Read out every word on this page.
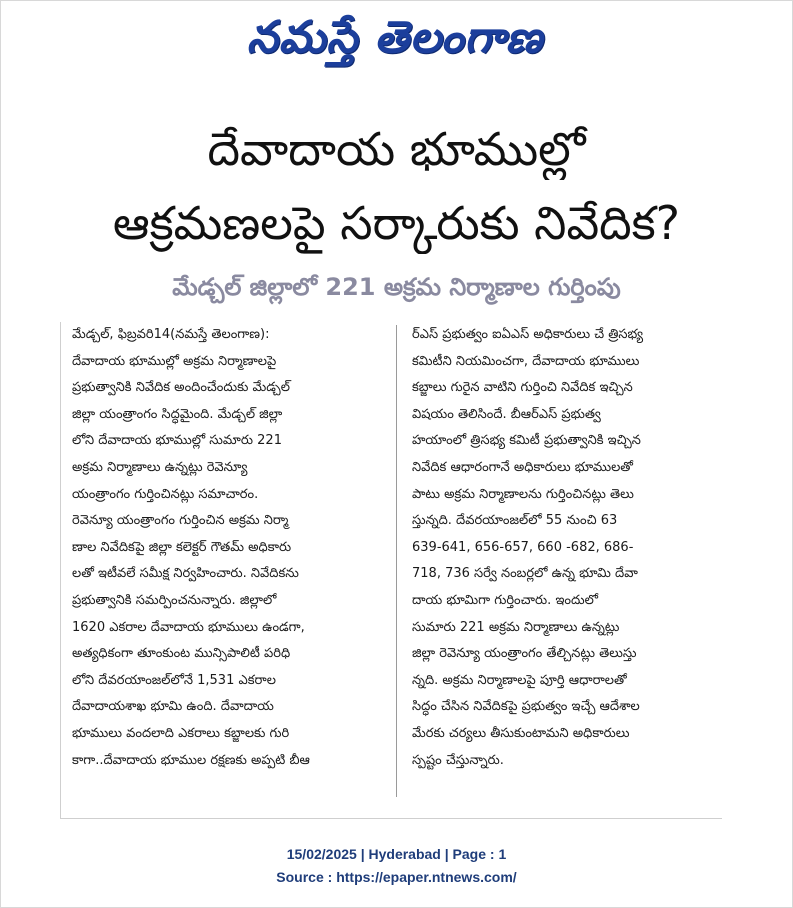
నమస్తే తెలంగాణ
దేవాదాయ భూముల్లో
ఆక్రమణలపై సర్కారుకు నివేదిక?
మేడ్చల్ జిల్లాలో 221 అక్రమ నిర్మాణాల గుర్తింపు
మేడ్చల్, ఫిబ్రవరి14(నమస్తే తెలంగాణ):
దేవాదాయ భూముల్లో అక్రమ నిర్మాణాలపై
ప్రభుత్వానికి నివేదిక అందించేందుకు మేడ్చల్
జిల్లా యంత్రాంగం సిద్ధమైంది. మేడ్చల్ జిల్లా
లోని దేవాదాయ భూముల్లో సుమారు 221
అక్రమ నిర్మాణాలు ఉన్నట్లు రెవెన్యూ
యంత్రాంగం గుర్తించినట్లు సమాచారం.
రెవెన్యూ యంత్రాంగం గుర్తించిన అక్రమ నిర్మా
ణాల నివేదికపై జిల్లా కలెక్టర్ గౌతమ్ అధికారు
లతో ఇటీవలే సమీక్ష నిర్వహించారు. నివేదికను
ప్రభుత్వానికి సమర్పించనున్నారు. జిల్లాలో
1620 ఎకరాల దేవాదాయ భూములు ఉండగా,
అత్యధికంగా తూంకుంట మున్సిపాలిటీ పరిధి
లోని దేవరయాంజల్‌లోనే 1,531 ఎకరాల
దేవాదాయశాఖ భూమి ఉంది. దేవాదాయ
భూములు వందలాది ఎకరాలు కబ్జాలకు గురి
కాగా..దేవాదాయ భూముల రక్షణకు అప్పటి బీఆ
ర్ఎస్ ప్రభుత్వం ఐఏఎస్ అధికారులు చే త్రిసభ్య
కమిటీని నియమించగా, దేవాదాయ భూములు
కబ్జాలు గురైన వాటిని గుర్తించి నివేదిక ఇచ్చిన
విషయం తెలిసిందే. బీఆర్ఎస్ ప్రభుత్వ
హయాంలో త్రిసభ్య కమిటీ ప్రభుత్వానికి ఇచ్చిన
నివేదిక ఆధారంగానే అధికారులు భూములతో
పాటు అక్రమ నిర్మాణాలను గుర్తించినట్లు తెలు
స్తున్నది. దేవరయాంజల్‌లో 55 నుంచి 63
639-641, 656-657, 660 -682, 686-
718, 736 సర్వే నంబర్లలో ఉన్న భూమి దేవా
దాయ భూమిగా గుర్తించారు. ఇందులో
సుమారు 221 అక్రమ నిర్మాణాలు ఉన్నట్లు
జిల్లా రెవెన్యూ యంత్రాంగం తేల్చినట్లు తెలుస్తు
న్నది. అక్రమ నిర్మాణాలపై పూర్తి ఆధారాలతో
సిద్ధం చేసిన నివేదికపై ప్రభుత్వం ఇచ్చే ఆదేశాల
మేరకు చర్యలు తీసుకుంటామని అధికారులు
స్పష్టం చేస్తున్నారు.
15/02/2025 | Hyderabad | Page : 1
Source : https://epaper.ntnews.com/
